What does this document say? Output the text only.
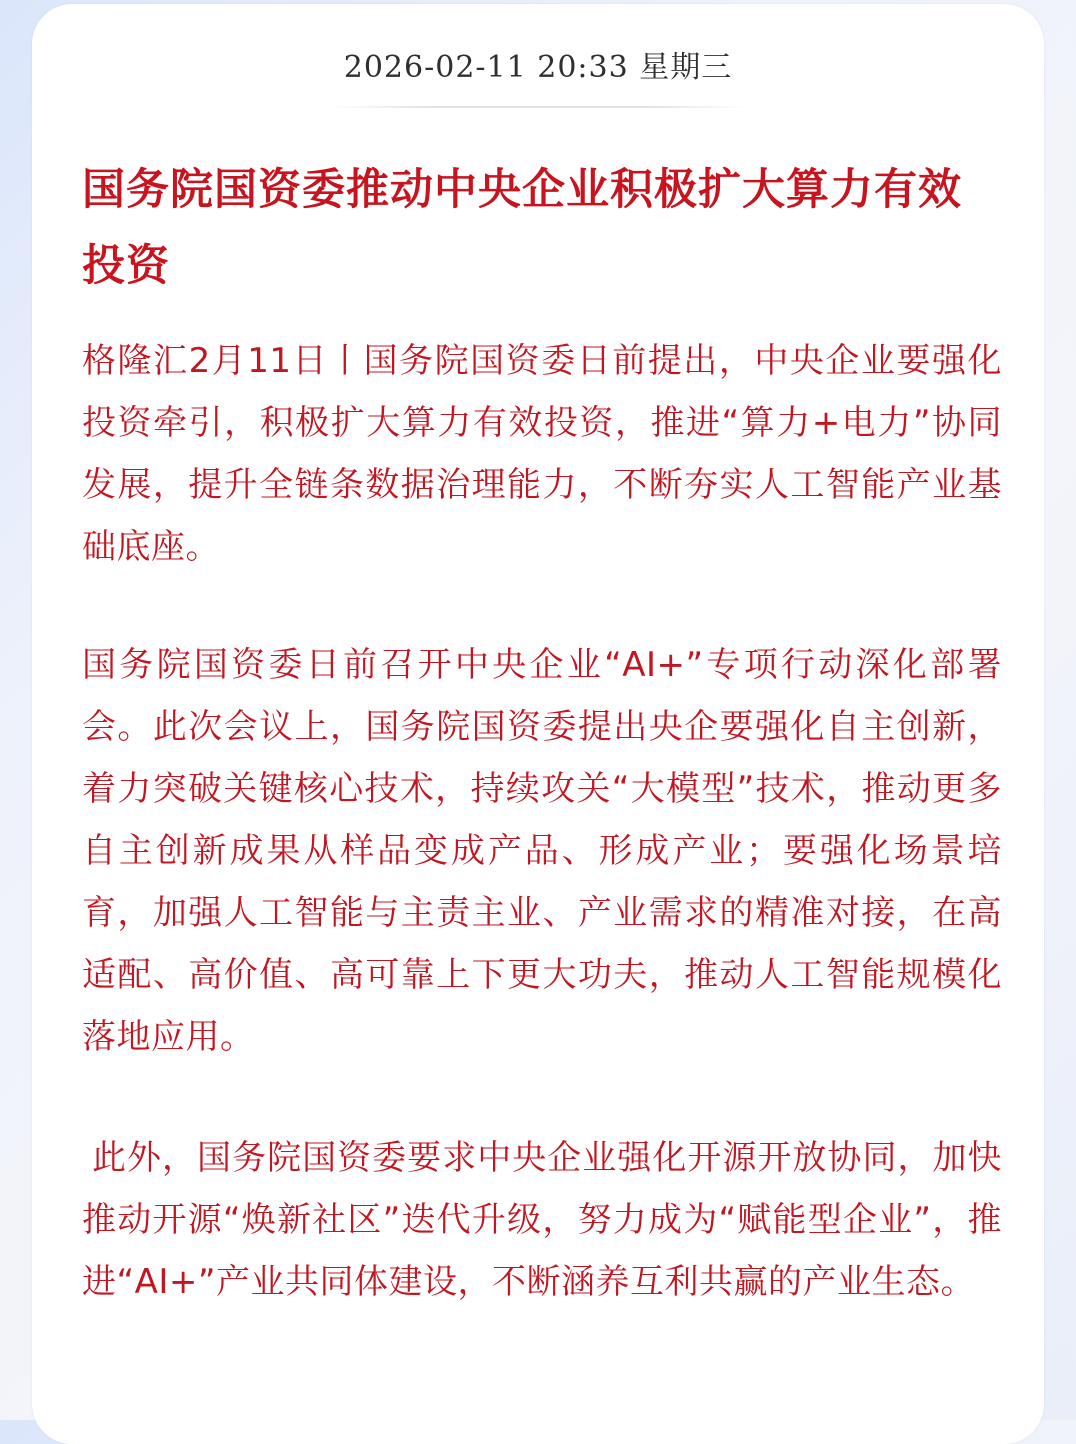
2026-02-11 20:33 星期三
国务院国资委推动中央企业积极扩大算力有效投资

格隆汇2月11日丨国务院国资委日前提出，中央企业要强化投资牵引，积极扩大算力有效投资，推进“算力+电力”协同发展，提升全链条数据治理能力，不断夯实人工智能产业基础底座。

国务院国资委日前召开中央企业“AI+”专项行动深化部署会。此次会议上，国务院国资委提出央企要强化自主创新，着力突破关键核心技术，持续攻关“大模型”技术，推动更多自主创新成果从样品变成产品、形成产业；要强化场景培育，加强人工智能与主责主业、产业需求的精准对接，在高适配、高价值、高可靠上下更大功夫，推动人工智能规模化落地应用。

此外，国务院国资委要求中央企业强化开源开放协同，加快推动开源“焕新社区”迭代升级，努力成为“赋能型企业”，推进“AI+”产业共同体建设，不断涵养互利共赢的产业生态。
